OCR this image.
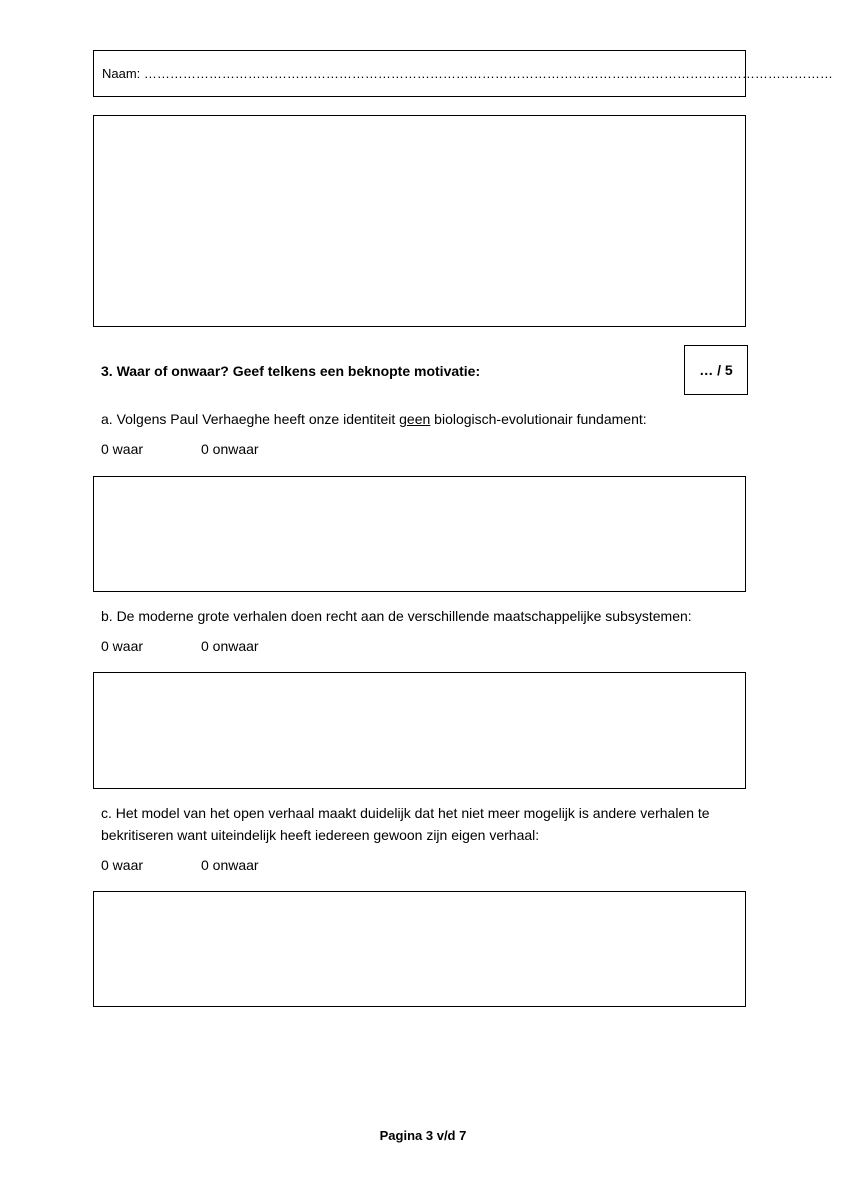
Naam: ……………………………………………………………………………………………………………………………………………
3. Waar of onwaar? Geef telkens een beknopte motivatie:	… / 5
a. Volgens Paul Verhaeghe heeft onze identiteit geen biologisch-evolutionair fundament:
0 waar	0 onwaar
b. De moderne grote verhalen doen recht aan de verschillende maatschappelijke subsystemen:
0 waar	0 onwaar
c. Het model van het open verhaal maakt duidelijk dat het niet meer mogelijk is andere verhalen te
bekritiseren want uiteindelijk heeft iedereen gewoon zijn eigen verhaal:
0 waar	0 onwaar
Pagina 3 v/d 7
